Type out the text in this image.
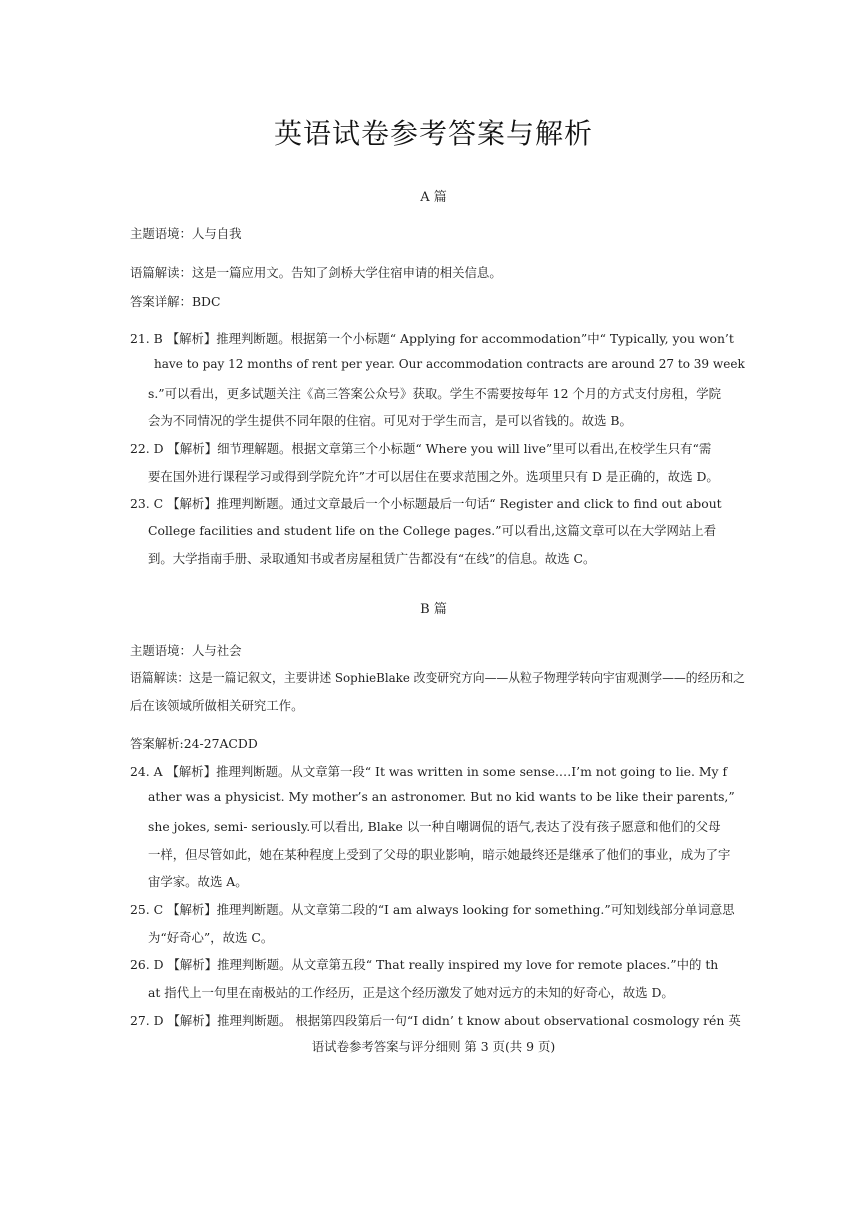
英语试卷参考答案与解析
A 篇
主题语境：人与自我
语篇解读：这是一篇应用文。告知了剑桥大学住宿申请的相关信息。
答案详解：BDC
21. B 【解析】推理判断题。根据第一个小标题“ Applying for accommodation”中“ Typically, you won’t
have to pay 12 months of rent per year. Our accommodation contracts are around 27 to 39 week
s.”可以看出，更多试题关注《高三答案公众号》获取。学生不需要按每年 12 个月的方式支付房租，学院
会为不同情况的学生提供不同年限的住宿。可见对于学生而言，是可以省钱的。故选 B。
22. D 【解析】细节理解题。根据文章第三个小标题“ Where you will live”里可以看出,在校学生只有“需
要在国外进行课程学习或得到学院允许”才可以居住在要求范围之外。选项里只有 D 是正确的，故选 D。
23. C 【解析】推理判断题。通过文章最后一个小标题最后一句话“ Register and click to find out about
College facilities and student life on the College pages.”可以看出,这篇文章可以在大学网站上看
到。大学指南手册、录取通知书或者房屋租赁广告都没有“在线”的信息。故选 C。
B 篇
主题语境：人与社会
语篇解读：这是一篇记叙文，主要讲述 SophieBlake 改变研究方向——从粒子物理学转向宇宙观测学——的经历和之
后在该领域所做相关研究工作。
答案解析:24-27ACDD
24. A 【解析】推理判断题。从文章第一段“ It was written in some sense.…I’m not going to lie. My f
ather was a physicist. My mother’s an astronomer. But no kid wants to be like their parents,”
she jokes, semi- seriously.可以看出, Blake 以一种自嘲调侃的语气,表达了没有孩子愿意和他们的父母
一样，但尽管如此，她在某种程度上受到了父母的职业影响，暗示她最终还是继承了他们的事业，成为了宇
宙学家。故选 A。
25. C 【解析】推理判断题。从文章第二段的“I am always looking for something.”可知划线部分单词意思
为“好奇心”，故选 C。
26. D 【解析】推理判断题。从文章第五段“ That really inspired my love for remote places.”中的 th
at 指代上一句里在南极站的工作经历，正是这个经历激发了她对远方的未知的好奇心，故选 D。
27. D 【解析】推理判断题。 根据第四段第后一句“I didn’ t know about observational cosmology rén 英
语试卷参考答案与评分细则 第 3 页(共 9 页)
